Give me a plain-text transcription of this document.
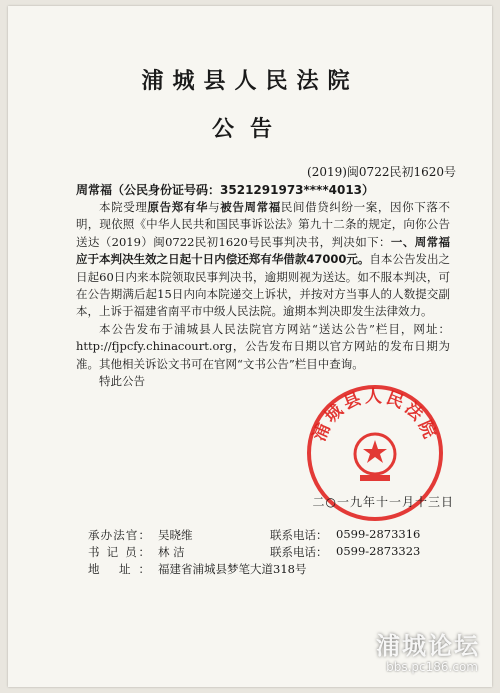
浦城县人民法院
公告
(2019)闽0722民初1620号
周常福（公民身份证号码：3521291973****4013）

本院受理原告郑有华与被告周常福民间借贷纠纷一案，因你下落不明，现依照《中华人民共和国民事诉讼法》第九十二条的规定，向你公告送达（2019）闽0722民初1620号民事判决书，判决如下：一、周常福应于本判决生效之日起十日内偿还郑有华借款47000元。自本公告发出之日起60日内来本院领取民事判决书，逾期则视为送达。如不服本判决，可在公告期满后起15日内向本院递交上诉状，并按对方当事人的人数提交副本，上诉于福建省南平市中级人民法院。逾期本判决即发生法律效力。

本公告发布于浦城县人民法院官方网站“送达公告”栏目，网址：http://fjpcfy.chinacourt.org，公告发布日期以官方网站的发布日期为准。其他相关诉讼文书可在官网“文书公告”栏目中查询。

特此公告

浦城县人民法院
二○一九年十一月十三日
承办法官： 吴晓维	联系电话： 0599-2873316
书 记 员： 林 洁	联系电话： 0599-2873323
地 址： 福建省浦城县梦笔大道318号
浦城论坛
bbs.pc186.com
